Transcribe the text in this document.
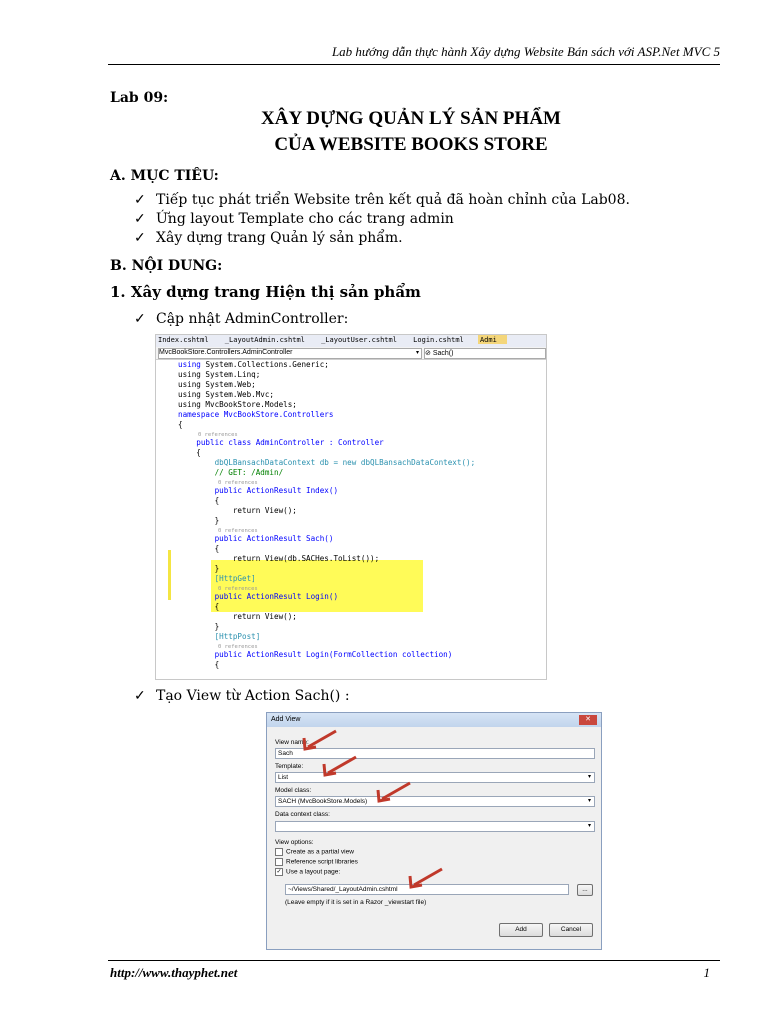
Lab hướng dẫn thực hành Xây dựng Website Bán sách với ASP.Net MVC 5
Lab 09:
XÂY DỰNG QUẢN LÝ SẢN PHẨM
CỦA WEBSITE BOOKS STORE
A. MỤC TIÊU:
✓ Tiếp tục phát triển Website trên kết quả đã hoàn chỉnh của Lab08.
✓ Ứng layout Template cho các trang admin
✓ Xây dựng trang Quản lý sản phẩm.
B. NỘI DUNG:
1. Xây dựng trang Hiện thị sản phẩm
✓ Cập nhật AdminController:
Index.cshtml _LayoutAdmin.cshtml _LayoutUser.cshtml Login.cshtml Admi
MvcBookStore.Controllers.AdminController	▾ ⊘ Sach()
using System.Collections.Generic;
using System.Linq;
using System.Web;
using System.Web.Mvc;
using MvcBookStore.Models;
namespace MvcBookStore.Controllers
{
0 references
public class AdminController : Controller
{
dbQLBansachDataContext db = new dbQLBansachDataContext();
// GET: /Admin/
0 references
public ActionResult Index()
{
return View();
}
0 references
public ActionResult Sach()
{
return View(db.SACHes.ToList());
}
[HttpGet]
0 references
public ActionResult Login()
{
return View();
}
[HttpPost]
0 references
public ActionResult Login(FormCollection collection)
{
✓ Tạo View từ Action Sach() :
Add View	✕
View name:
Sach
Template:
List	▾
Model class:
SACH (MvcBookStore.Models)	▾
Data context class:
▾
View options:
Create as a partial view
Reference script libraries
✓ Use a layout page:
~/Views/Shared/_LayoutAdmin.cshtml	...
(Leave empty if it is set in a Razor _viewstart file)
Add	Cancel
http://www.thayphet.net	1
